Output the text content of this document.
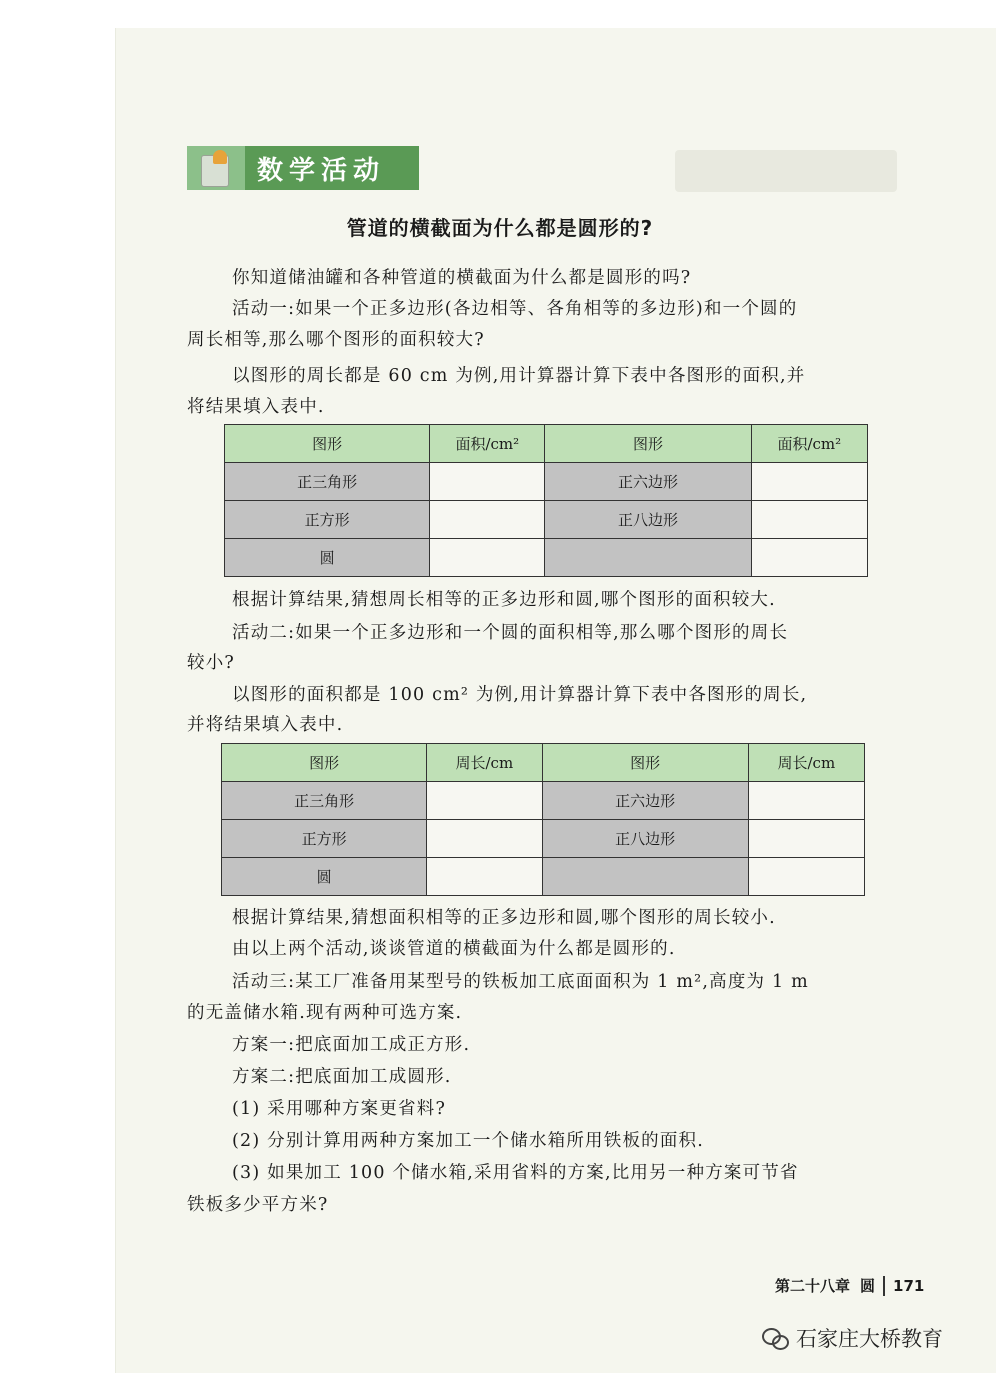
数学活动
管道的横截面为什么都是圆形的?
你知道储油罐和各种管道的横截面为什么都是圆形的吗?
活动一:如果一个正多边形(各边相等、各角相等的多边形)和一个圆的
周长相等,那么哪个图形的面积较大?
以图形的周长都是 60 cm 为例,用计算器计算下表中各图形的面积,并
将结果填入表中.
图形	面积/cm²	图形	面积/cm²
正三角形		正六边形	
正方形		正八边形	
圆			
根据计算结果,猜想周长相等的正多边形和圆,哪个图形的面积较大.
活动二:如果一个正多边形和一个圆的面积相等,那么哪个图形的周长
较小?
以图形的面积都是 100 cm² 为例,用计算器计算下表中各图形的周长,
并将结果填入表中.
图形	周长/cm	图形	周长/cm
正三角形		正六边形	
正方形		正八边形	
圆			
根据计算结果,猜想面积相等的正多边形和圆,哪个图形的周长较小.
由以上两个活动,谈谈管道的横截面为什么都是圆形的.
活动三:某工厂准备用某型号的铁板加工底面面积为 1 m²,高度为 1 m
的无盖储水箱.现有两种可选方案.
方案一:把底面加工成正方形.
方案二:把底面加工成圆形.
(1) 采用哪种方案更省料?
(2) 分别计算用两种方案加工一个储水箱所用铁板的面积.
(3) 如果加工 100 个储水箱,采用省料的方案,比用另一种方案可节省
铁板多少平方米?
第二十八章 圆 171
石家庄大桥教育
